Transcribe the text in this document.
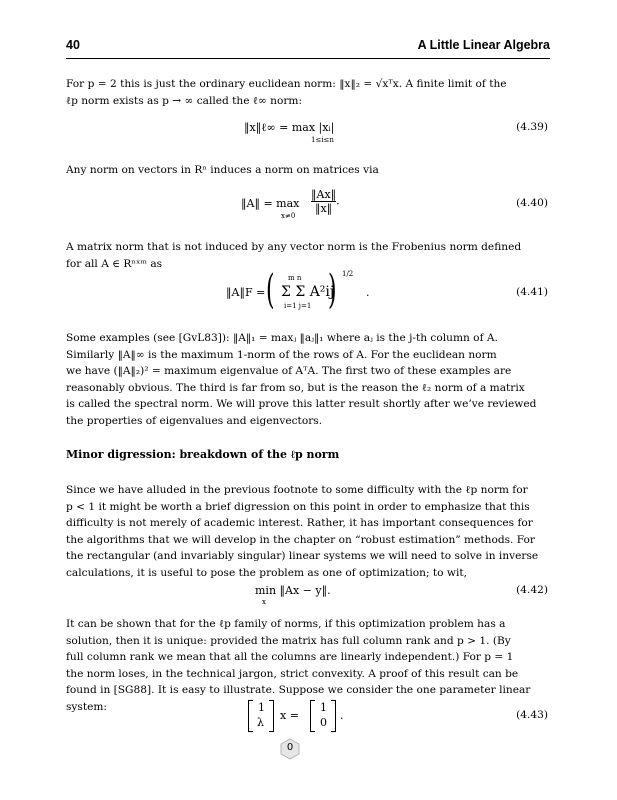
40	A Little Linear Algebra
For p = 2 this is just the ordinary euclidean norm: ‖x‖₂ = √xᵀx. A finite limit of the
ℓp norm exists as p → ∞ called the ℓ∞ norm:
‖x‖ℓ∞ = max |xᵢ|
1≤i≤n
(4.39)
Any norm on vectors in Rⁿ induces a norm on matrices via
‖A‖ = max
x≠0
$\frac{‖Ax‖}{‖x‖}$ .	(4.40)
A matrix norm that is not induced by any vector norm is the Frobenius norm defined
for all A ∈ Rⁿˣᵐ as
‖A‖F = ( m n
Σ Σ A²ij
i=1 j=1 ) 1/2
.	(4.41)
Some examples (see [GvL83]): ‖A‖₁ = maxⱼ ‖aⱼ‖₁ where aⱼ is the j-th column of A.
Similarly ‖A‖∞ is the maximum 1-norm of the rows of A. For the euclidean norm
we have (‖A‖₂)² = maximum eigenvalue of AᵀA. The first two of these examples are
reasonably obvious. The third is far from so, but is the reason the ℓ₂ norm of a matrix
is called the spectral norm. We will prove this latter result shortly after we’ve reviewed
the properties of eigenvalues and eigenvectors.
Minor digression: breakdown of the ℓp norm
Since we have alluded in the previous footnote to some difficulty with the ℓp norm for
p < 1 it might be worth a brief digression on this point in order to emphasize that this
difficulty is not merely of academic interest. Rather, it has important consequences for
the algorithms that we will develop in the chapter on “robust estimation” methods. For
the rectangular (and invariably singular) linear systems we will need to solve in inverse
calculations, it is useful to pose the problem as one of optimization; to wit,
min ‖Ax − y‖.
x
(4.42)
It can be shown that for the ℓp family of norms, if this optimization problem has a
solution, then it is unique: provided the matrix has full column rank and p > 1. (By
full column rank we mean that all the columns are linearly independent.) For p = 1
the norm loses, in the technical jargon, strict convexity. A proof of this result can be
found in [SG88]. It is easy to illustrate. Suppose we consider the one parameter linear
system:	1
λ
x =
1
0
.	(4.43)
0
